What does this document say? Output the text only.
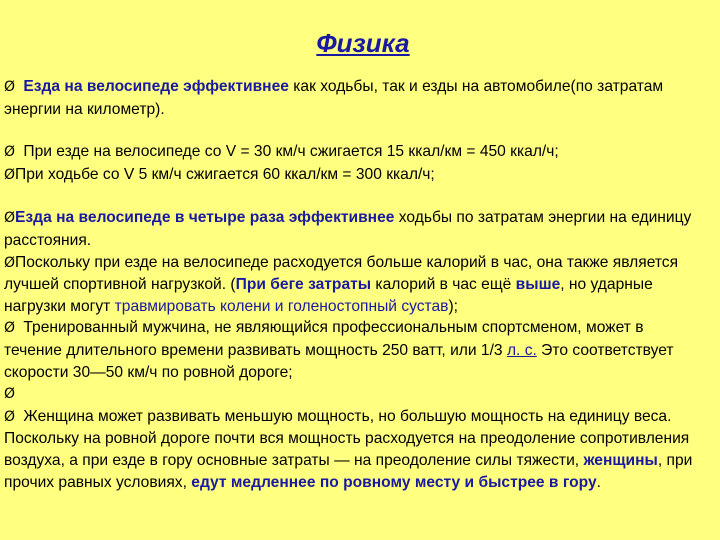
Физика

Ø Езда на велосипеде эффективнее как ходьбы, так и езды на автомобиле(по затратам энергии на километр).

Ø При езде на велосипеде со V = 30 км/ч сжигается 15 ккал/км = 450 ккал/ч;

ØПри ходьбе со V 5 км/ч сжигается 60 ккал/км = 300 ккал/ч;

ØЕзда на велосипеде в четыре раза эффективнее ходьбы по затратам энергии на единицу расстояния.

ØПоскольку при езде на велосипеде расходуется больше калорий в час, она также является лучшей спортивной нагрузкой. (При беге затраты калорий в час ещё выше, но ударные нагрузки могут травмировать колени и голеностопный сустав);

Ø Тренированный мужчина, не являющийся профессиональным спортсменом, может в течение длительного времени развивать мощность 250 ватт, или 1/3 л. с. Это соответствует скорости 30—50 км/ч по ровной дороге;

Ø

Ø Женщина может развивать меньшую мощность, но большую мощность на единицу веса. Поскольку на ровной дороге почти вся мощность расходуется на преодоление сопротивления воздуха, а при езде в гору основные затраты — на преодоление силы тяжести, женщины, при прочих равных условиях, едут медленнее по ровному месту и быстрее в гору.
